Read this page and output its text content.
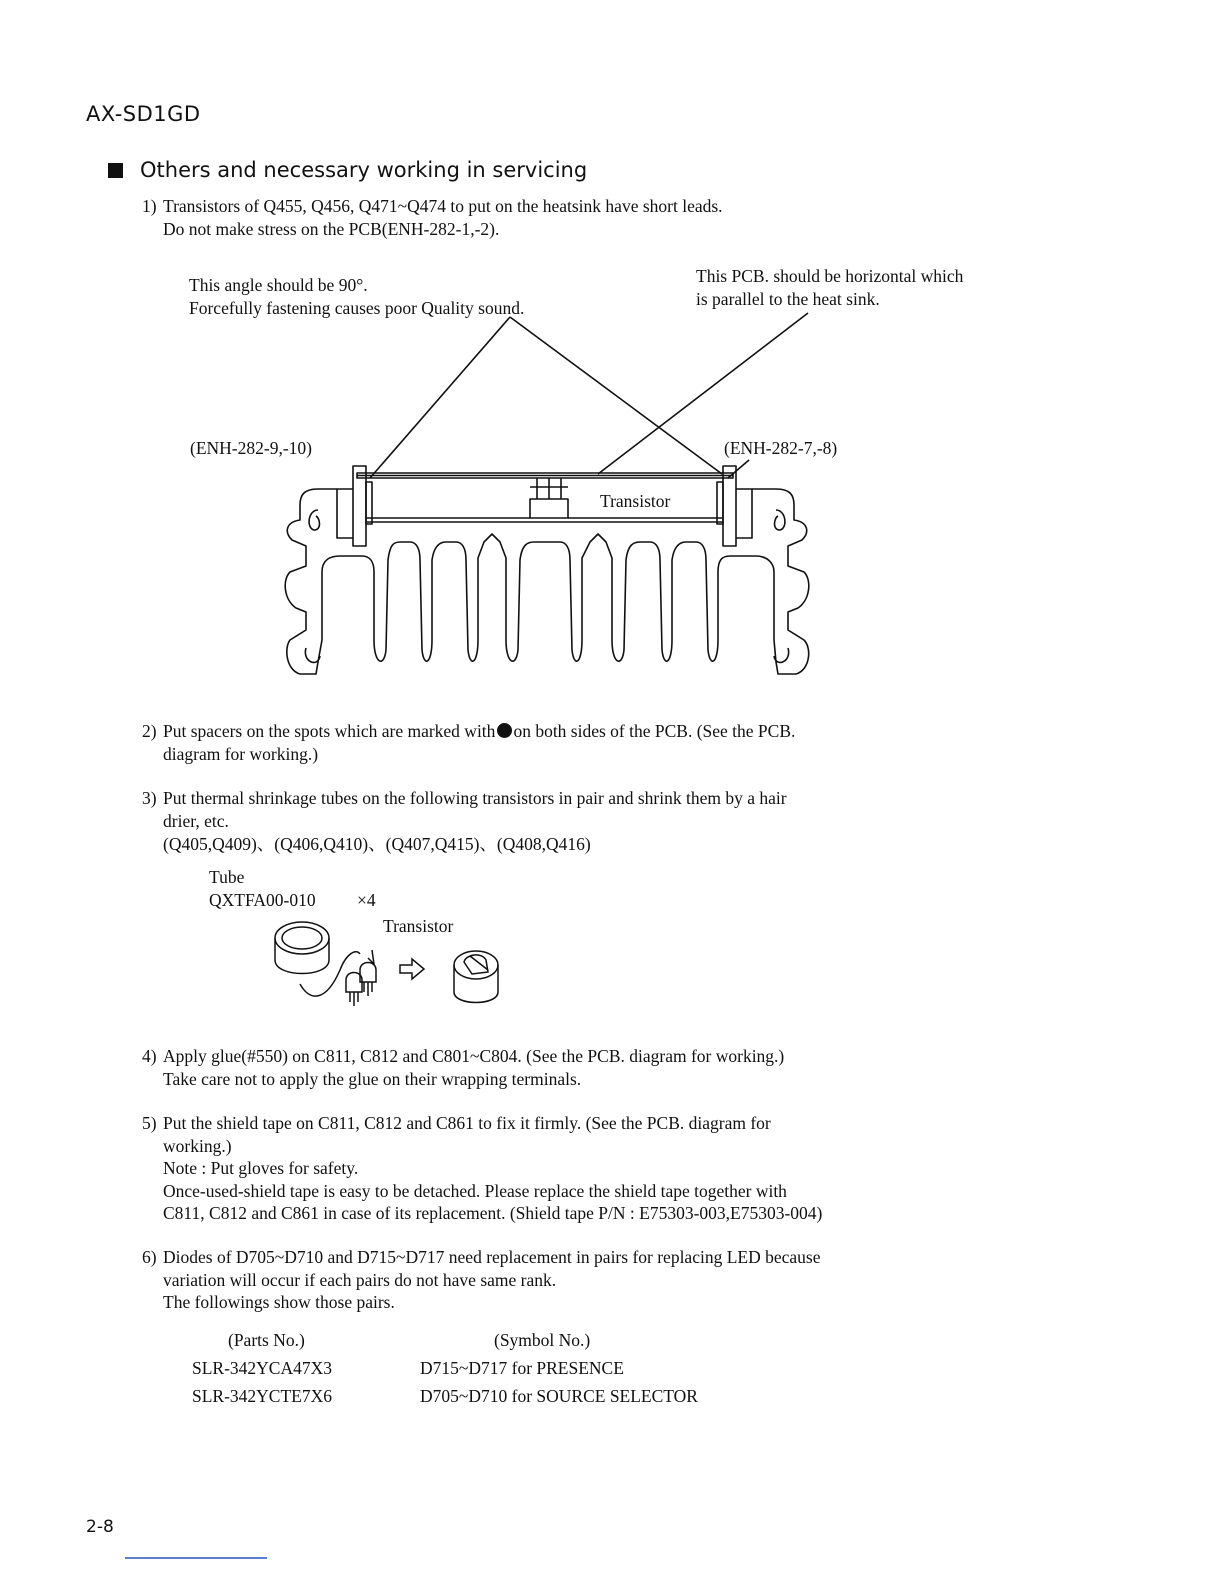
AX-SD1GD
Others and necessary working in servicing
1) Transistors of Q455, Q456, Q471~Q474 to put on the heatsink have short leads.
Do not make stress on the PCB(ENH-282-1,-2).
This angle should be 90°.
Forcefully fastening causes poor Quality sound.
This PCB. should be horizontal which
is parallel to the heat sink.
(ENH-282-9,-10)	(ENH-282-7,-8)
Transistor
2) Put spacers on the spots which are marked with on both sides of the PCB. (See the PCB.
diagram for working.)
3) Put thermal shrinkage tubes on the following transistors in pair and shrink them by a hair
drier, etc.
(Q405,Q409)、(Q406,Q410)、(Q407,Q415)、(Q408,Q416)
Tube
QXTFA00-010 ×4
Transistor
4) Apply glue(#550) on C811, C812 and C801~C804. (See the PCB. diagram for working.)
Take care not to apply the glue on their wrapping terminals.
5) Put the shield tape on C811, C812 and C861 to fix it firmly. (See the PCB. diagram for
working.)
Note : Put gloves for safety.
Once-used-shield tape is easy to be detached. Please replace the shield tape together with
C811, C812 and C861 in case of its replacement. (Shield tape P/N : E75303-003,E75303-004)
6) Diodes of D705~D710 and D715~D717 need replacement in pairs for replacing LED because
variation will occur if each pairs do not have same rank.
The followings show those pairs.
(Parts No.)	(Symbol No.)
SLR-342YCA47X3	D715~D717 for PRESENCE
SLR-342YCTE7X6	D705~D710 for SOURCE SELECTOR
2-8
